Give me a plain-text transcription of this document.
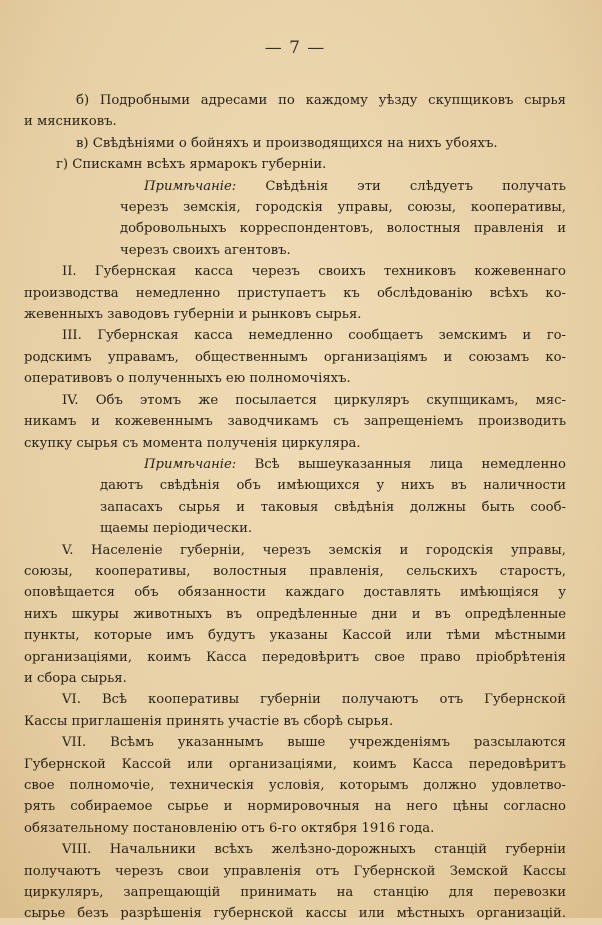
— 7 —
б) Подробными адресами по каждому уѣзду скупщиковъ сырья
и мясниковъ.
в) Свѣдѣніями о бойняхъ и производящихся на нихъ убояхъ.
г) Спискамн всѣхъ ярмарокъ губерніи.
Примѣчаніе: Свѣдѣнія эти слѣдуетъ получать
черезъ земскія, городскія управы, союзы, кооперативы,
добровольныхъ корреспондентовъ, волостныя правленія и
черезъ своихъ агентовъ.
II. Губернская касса черезъ своихъ техниковъ кожевеннаго
производства немедленно приступаетъ къ обслѣдованію всѣхъ ко-
жевенныхъ заводовъ губерніи и рынковъ сырья.
III. Губернская касса немедленно сообщаетъ земскимъ и го-
родскимъ управамъ, общественнымъ организаціямъ и союзамъ ко-
оперативовъ о полученныхъ ею полномочіяхъ.
IV. Объ этомъ же посылается циркуляръ скупщикамъ, мяс-
никамъ и кожевеннымъ заводчикамъ съ запрещеніемъ производить
скупку сырья съ момента полученія циркуляра.
Примѣчаніе: Всѣ вышеуказанныя лица немедленно
даютъ свѣдѣнія объ имѣющихся у нихъ въ наличности
запасахъ сырья и таковыя свѣдѣнія должны быть сооб-
щаемы періодически.
V. Населеніе губерніи, черезъ земскія и городскія управы,
союзы, кооперативы, волостныя правленія, сельскихъ старостъ,
оповѣщается объ обязанности каждаго доставлять имѣющіяся у
нихъ шкуры животныхъ въ опредѣленные дни и въ опредѣленные
пункты, которые имъ будутъ указаны Кассой или тѣми мѣстными
организаціями, коимъ Касса передовѣритъ свое право пріобрѣтенія
и сбора сырья.
VI. Всѣ кооперативы губерніи получаютъ отъ Губернской
Кассы приглашенія принять участіе въ сборѣ сырья.
VII. Всѣмъ указаннымъ выше учрежденіямъ разсылаются
Губернской Кассой или организаціями, коимъ Касса передовѣритъ
свое полномочіе, техническія условія, которымъ должно удовлетво-
рять собираемое сырье и нормировочныя на него цѣны согласно
обязательному постановленію отъ 6-го октября 1916 года.
VIII. Начальники всѣхъ желѣзно-дорожныхъ станцій губерніи
получаютъ черезъ свои управленія отъ Губернской Земской Кассы
циркуляръ, запрещающій принимать на станцію для перевозки
сырье безъ разрѣшенія губернской кассы или мѣстныхъ организацій.
